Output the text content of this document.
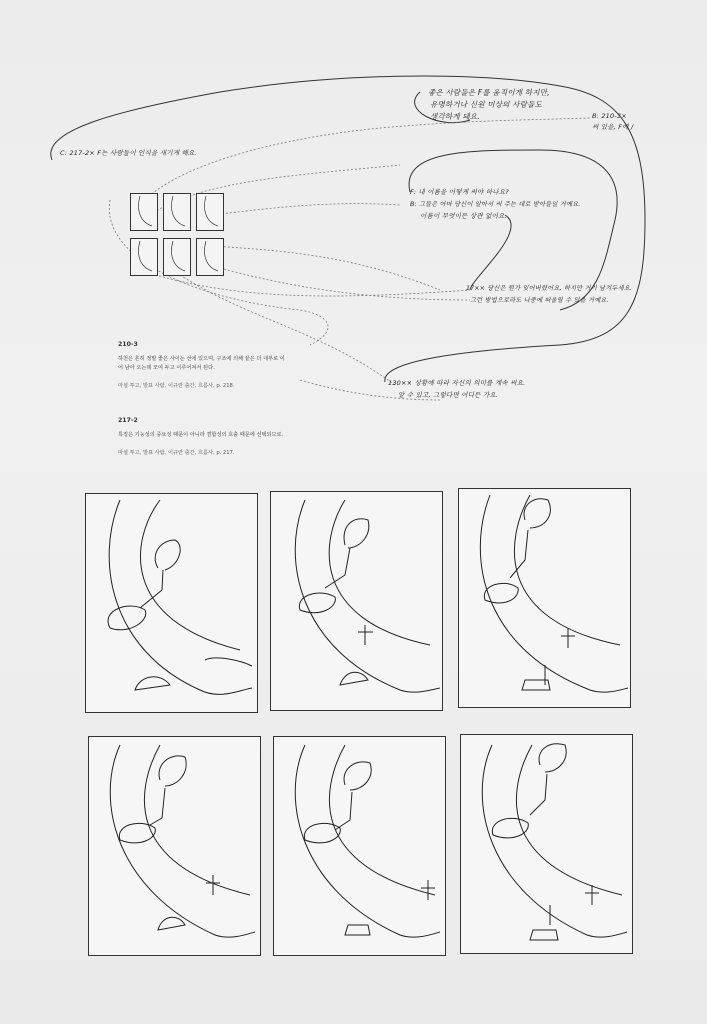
C: 217-2× F는 사람들이 인식을 새기게 해요.
좋은 사람들은 F를 움직이게 하지만,
유명하거나 신원 미상의 사람들도
생각하게 돼요.	B: 210-3×
써 있을, F에 /
F: 내 이름을 어떻게 써야 하나요?
B: 그들은 아마 당신이 알아서 써 주는 대로 받아들일 거예요.
이름이 무엇이든 상관 없어요.
17×× 당신은 뭔가 잊어버렸어요, 하지만 거기 남겨두세요.
그런 방법으로라도 나중에 떠올릴 수 있을 거예요.
130×× 상황에 따라 자신의 의미를 계속 써요.
알 수 있고, 그렇다면 어디든 가요.
210-3
하천은 흔히 정말 좋은 사이는 선에 있으며, 구조에 의해 끝은 더 내부로 이어 남아 오는데 모여 두고 이루어져서 된다.
마셜 투고, 발표 사람, 이규란 출간, 흐름사, p. 218.
217-2
특징은 기능성의 중요성 때문이 아니라 결합성의 호출 때문에 선택되므로.
마셜 투고, 발표 사람, 이규란 출간, 흐름사, p. 217.
